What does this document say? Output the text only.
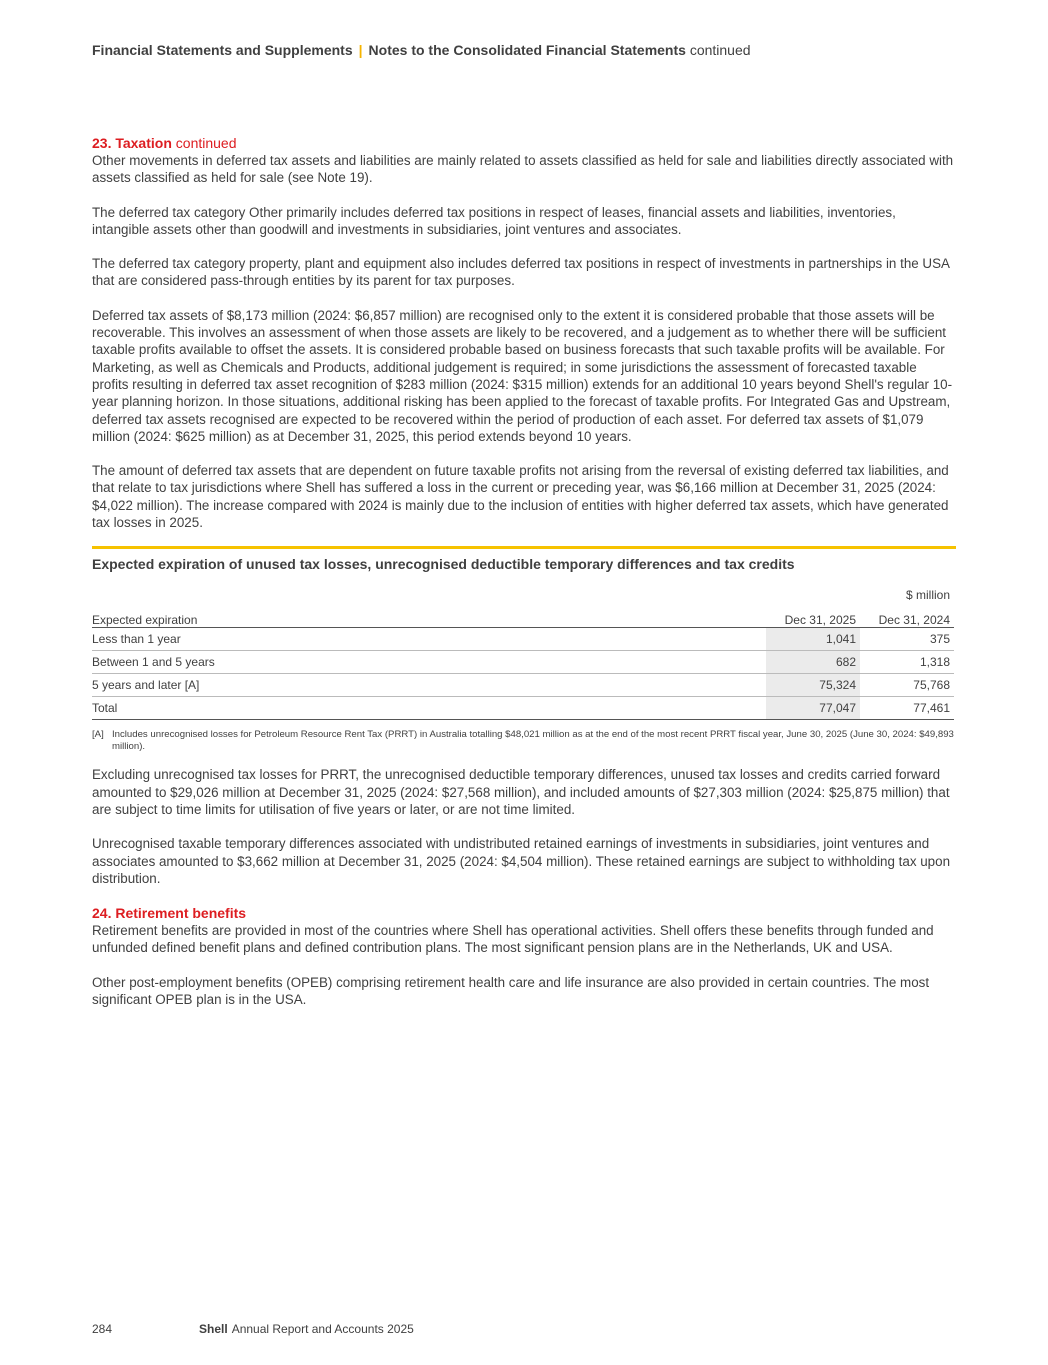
Financial Statements and Supplements | Notes to the Consolidated Financial Statements continued
23. Taxation continued

Other movements in deferred tax assets and liabilities are mainly related to assets classified as held for sale and liabilities directly associated with assets classified as held for sale (see Note 19).

The deferred tax category Other primarily includes deferred tax positions in respect of leases, financial assets and liabilities, inventories, intangible assets other than goodwill and investments in subsidiaries, joint ventures and associates.

The deferred tax category property, plant and equipment also includes deferred tax positions in respect of investments in partnerships in the USA that are considered pass-through entities by its parent for tax purposes.

Deferred tax assets of $8,173 million (2024: $6,857 million) are recognised only to the extent it is considered probable that those assets will be recoverable. This involves an assessment of when those assets are likely to be recovered, and a judgement as to whether there will be sufficient taxable profits available to offset the assets. It is considered probable based on business forecasts that such taxable profits will be available. For Marketing, as well as Chemicals and Products, additional judgement is required; in some jurisdictions the assessment of forecasted taxable profits resulting in deferred tax asset recognition of $283 million (2024: $315 million) extends for an additional 10 years beyond Shell's regular 10-year planning horizon. In those situations, additional risking has been applied to the forecast of taxable profits. For Integrated Gas and Upstream, deferred tax assets recognised are expected to be recovered within the period of production of each asset. For deferred tax assets of $1,079 million (2024: $625 million) as at December 31, 2025, this period extends beyond 10 years.

The amount of deferred tax assets that are dependent on future taxable profits not arising from the reversal of existing deferred tax liabilities, and that relate to tax jurisdictions where Shell has suffered a loss in the current or preceding year, was $6,166 million at December 31, 2025 (2024: $4,022 million). The increase compared with 2024 is mainly due to the inclusion of entities with higher deferred tax assets, which have generated tax losses in 2025.

Expected expiration of unused tax losses, unrecognised deductible temporary differences and tax credits
		$ million
Expected expiration	Dec 31, 2025	Dec 31, 2024
Less than 1 year	1,041	375
Between 1 and 5 years	682	1,318
5 years and later [A]	75,324	75,768
Total	77,047	77,461
[A] Includes unrecognised losses for Petroleum Resource Rent Tax (PRRT) in Australia totalling $48,021 million as at the end of the most recent PRRT fiscal year, June 30, 2025 (June 30, 2024: $49,893 million).

Excluding unrecognised tax losses for PRRT, the unrecognised deductible temporary differences, unused tax losses and credits carried forward amounted to $29,026 million at December 31, 2025 (2024: $27,568 million), and included amounts of $27,303 million (2024: $25,875 million) that are subject to time limits for utilisation of five years or later, or are not time limited.

Unrecognised taxable temporary differences associated with undistributed retained earnings of investments in subsidiaries, joint ventures and associates amounted to $3,662 million at December 31, 2025 (2024: $4,504 million). These retained earnings are subject to withholding tax upon distribution.

24. Retirement benefits

Retirement benefits are provided in most of the countries where Shell has operational activities. Shell offers these benefits through funded and unfunded defined benefit plans and defined contribution plans. The most significant pension plans are in the Netherlands, UK and USA.

Other post-employment benefits (OPEB) comprising retirement health care and life insurance are also provided in certain countries. The most significant OPEB plan is in the USA.

284	Shell Annual Report and Accounts 2025
